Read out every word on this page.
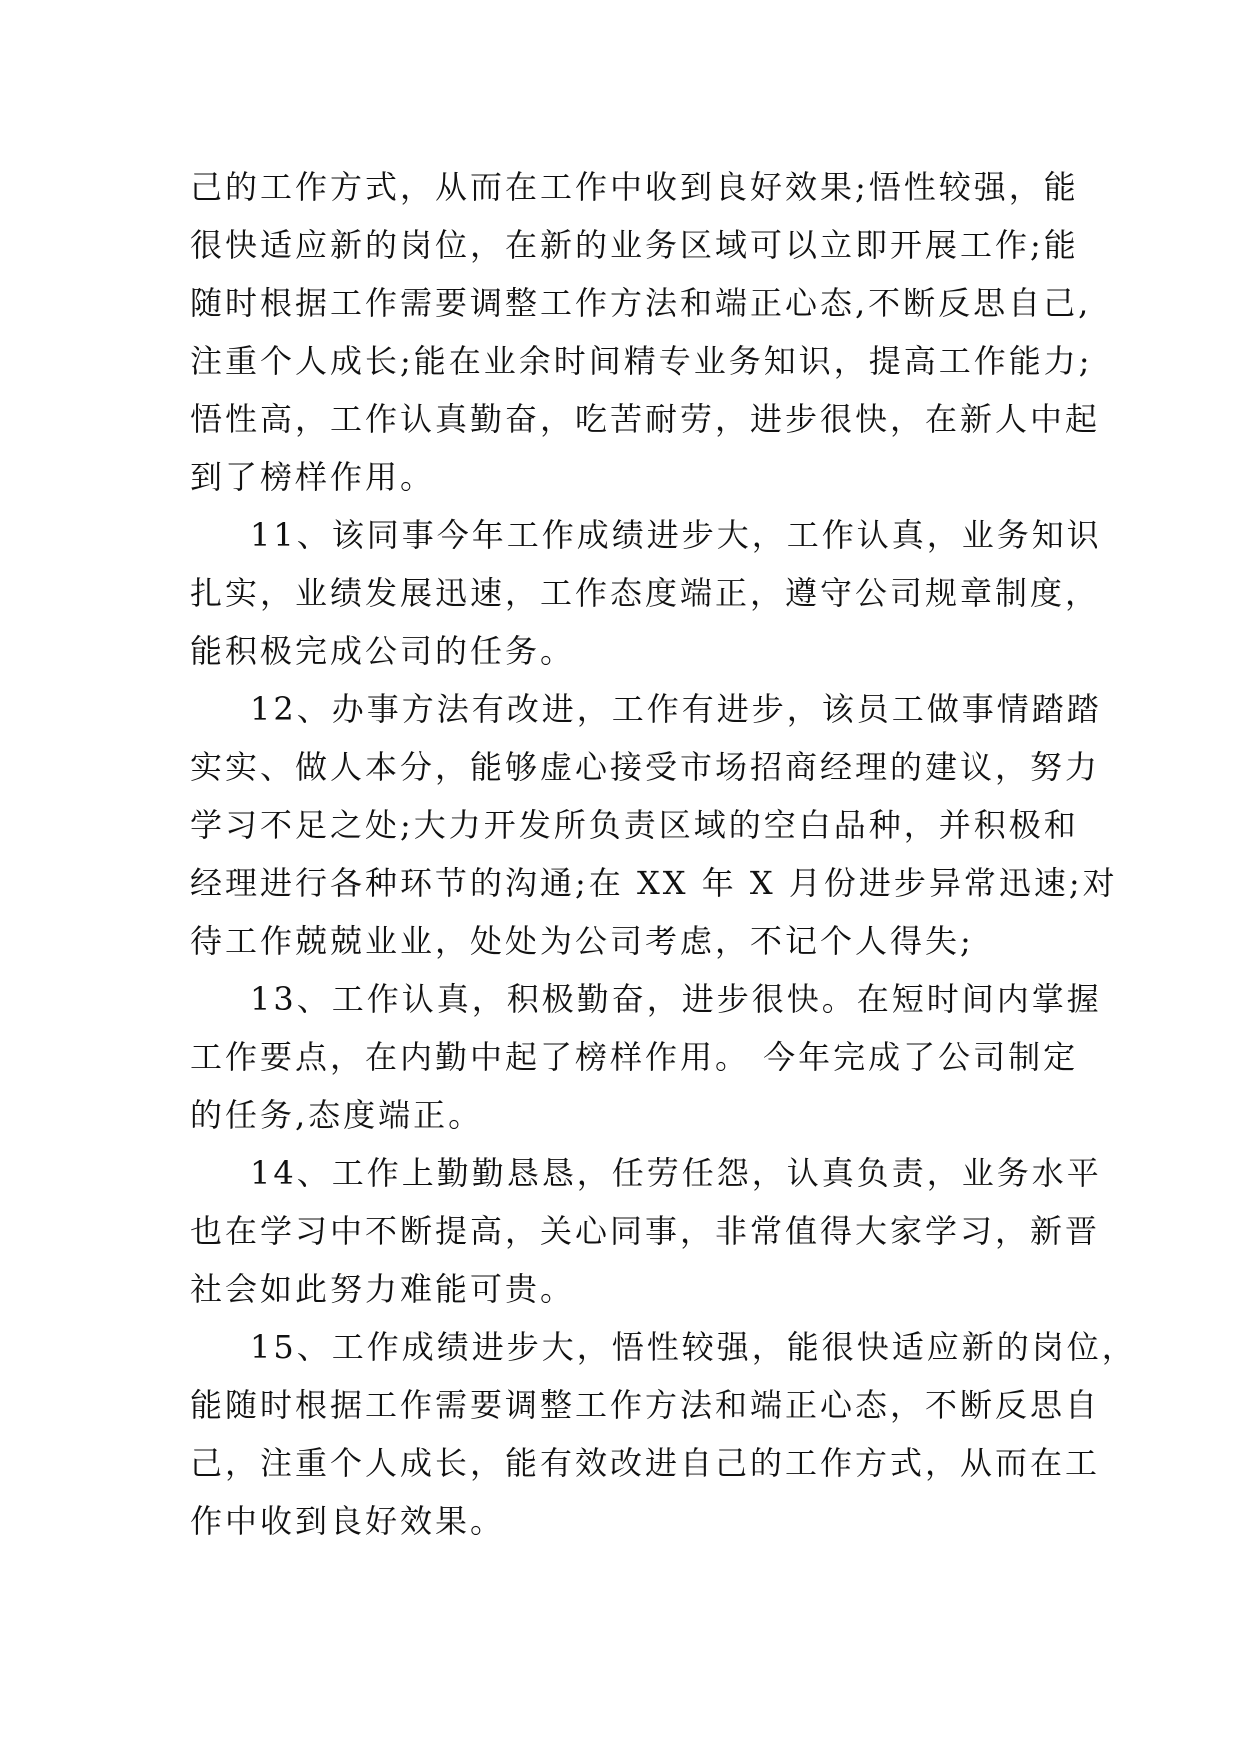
己的工作方式，从而在工作中收到良好效果;悟性较强，能
很快适应新的岗位，在新的业务区域可以立即开展工作;能
随时根据工作需要调整工作方法和端正心态,不断反思自己,
注重个人成长;能在业余时间精专业务知识，提高工作能力;
悟性高，工作认真勤奋，吃苦耐劳，进步很快，在新人中起
到了榜样作用。
11、该同事今年工作成绩进步大，工作认真，业务知识
扎实，业绩发展迅速，工作态度端正，遵守公司规章制度，
能积极完成公司的任务。
12、办事方法有改进，工作有进步，该员工做事情踏踏
实实、做人本分，能够虚心接受市场招商经理的建议，努力
学习不足之处;大力开发所负责区域的空白品种，并积极和
经理进行各种环节的沟通;在 XX 年 X 月份进步异常迅速;对
待工作兢兢业业，处处为公司考虑，不记个人得失;
13、工作认真，积极勤奋，进步很快。在短时间内掌握
工作要点，在内勤中起了榜样作用。 今年完成了公司制定
的任务,态度端正。
14、工作上勤勤恳恳，任劳任怨，认真负责，业务水平
也在学习中不断提高，关心同事，非常值得大家学习，新晋
社会如此努力难能可贵。
15、工作成绩进步大，悟性较强，能很快适应新的岗位，
能随时根据工作需要调整工作方法和端正心态，不断反思自
己，注重个人成长，能有效改进自己的工作方式，从而在工
作中收到良好效果。
